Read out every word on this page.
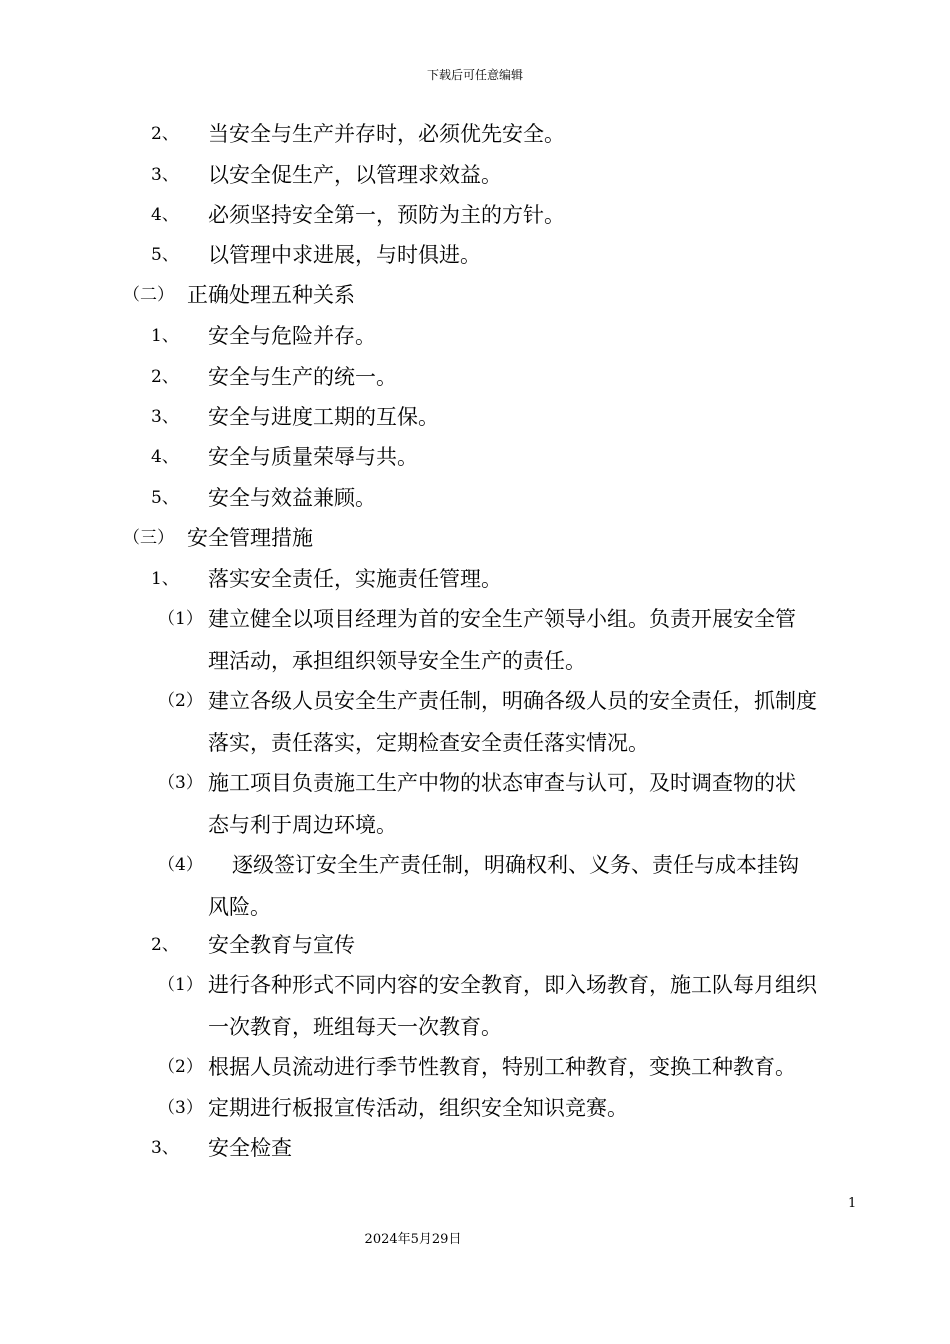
下载后可任意编辑
2、 当安全与生产并存时，必须优先安全。
3、 以安全促生产，以管理求效益。
4、 必须坚持安全第一，预防为主的方针。
5、 以管理中求进展，与时俱进。
（二） 正确处理五种关系
1、 安全与危险并存。
2、 安全与生产的统一。
3、 安全与进度工期的互保。
4、 安全与质量荣辱与共。
5、 安全与效益兼顾。
（三） 安全管理措施
1、 落实安全责任，实施责任管理。
（1） 建立健全以项目经理为首的安全生产领导小组。负责开展安全管
理活动，承担组织领导安全生产的责任。
（2） 建立各级人员安全生产责任制，明确各级人员的安全责任，抓制度
落实，责任落实，定期检查安全责任落实情况。
（3） 施工项目负责施工生产中物的状态审查与认可，及时调查物的状
态与利于周边环境。
（4） 逐级签订安全生产责任制，明确权利、义务、责任与成本挂钩
风险。
2、 安全教育与宣传
（1） 进行各种形式不同内容的安全教育，即入场教育，施工队每月组织
一次教育，班组每天一次教育。
（2） 根据人员流动进行季节性教育，特别工种教育，变换工种教育。
（3） 定期进行板报宣传活动，组织安全知识竞赛。
3、 安全检查
1
2024年5月29日
